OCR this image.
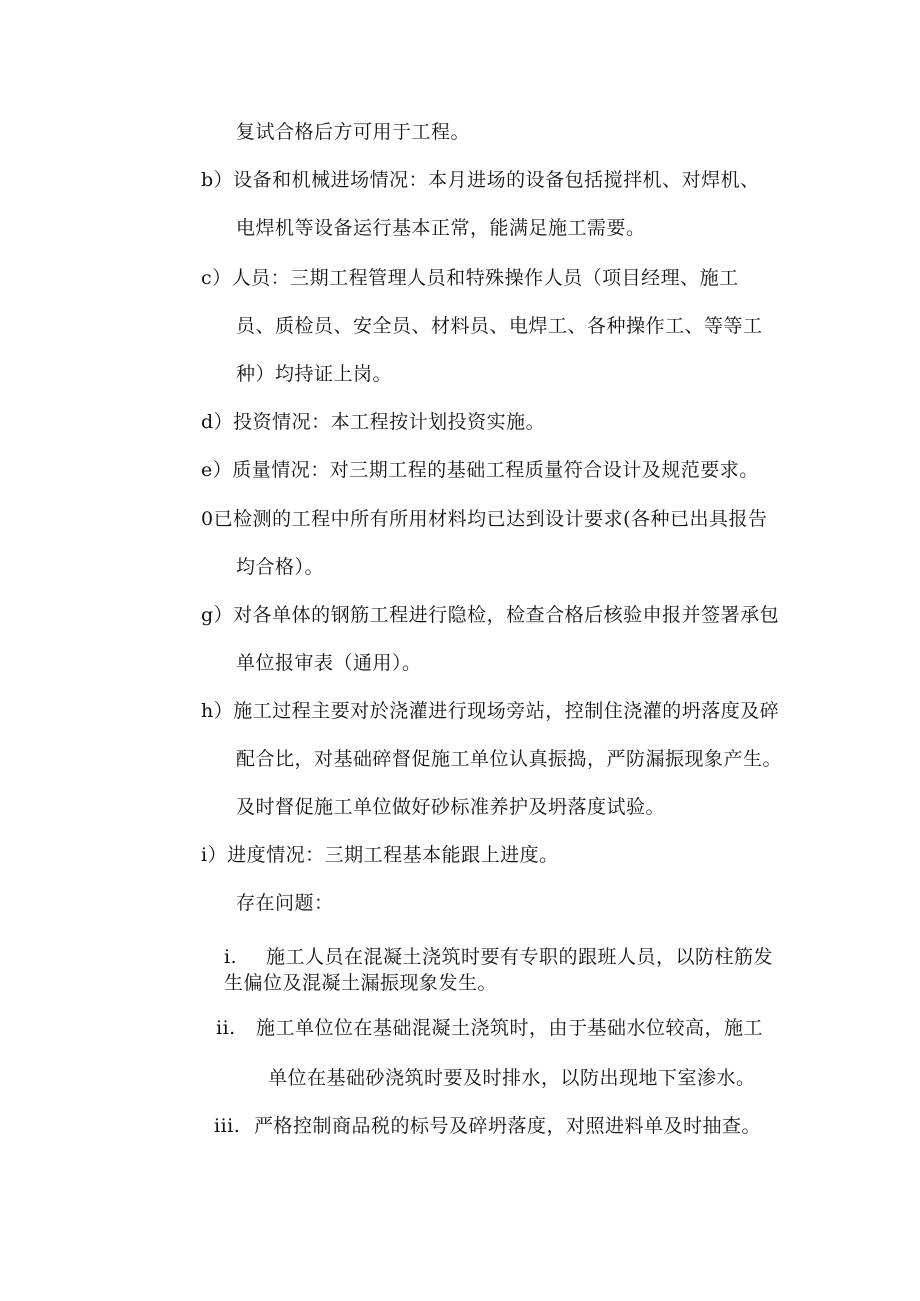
复试合格后方可用于工程。
b）设备和机械进场情况：本月进场的设备包括搅拌机、对焊机、
电焊机等设备运行基本正常，能满足施工需要。
c）人员：三期工程管理人员和特殊操作人员（项目经理、施工
员、质检员、安全员、材料员、电焊工、各种操作工、等等工
种）均持证上岗。
d）投资情况：本工程按计划投资实施。
e）质量情况：对三期工程的基础工程质量符合设计及规范要求。
0已检测的工程中所有所用材料均已达到设计要求(各种已出具报告
均合格）。
g）对各单体的钢筋工程进行隐检，检查合格后核验申报并签署承包
单位报审表（通用）。
h）施工过程主要对於浇灌进行现场旁站，控制住浇灌的坍落度及碎
配合比，对基础碎督促施工单位认真振捣，严防漏振现象产生。
及时督促施工单位做好砂标准养护及坍落度试验。
i）进度情况：三期工程基本能跟上进度。
存在问题：
i. 施工人员在混凝土浇筑时要有专职的跟班人员，以防柱筋发
生偏位及混凝土漏振现象发生。
ii. 施工单位位在基础混凝土浇筑时，由于基础水位较高，施工
单位在基础砂浇筑时要及时排水，以防出现地下室渗水。
iii. 严格控制商品税的标号及碎坍落度，对照进料单及时抽查。
